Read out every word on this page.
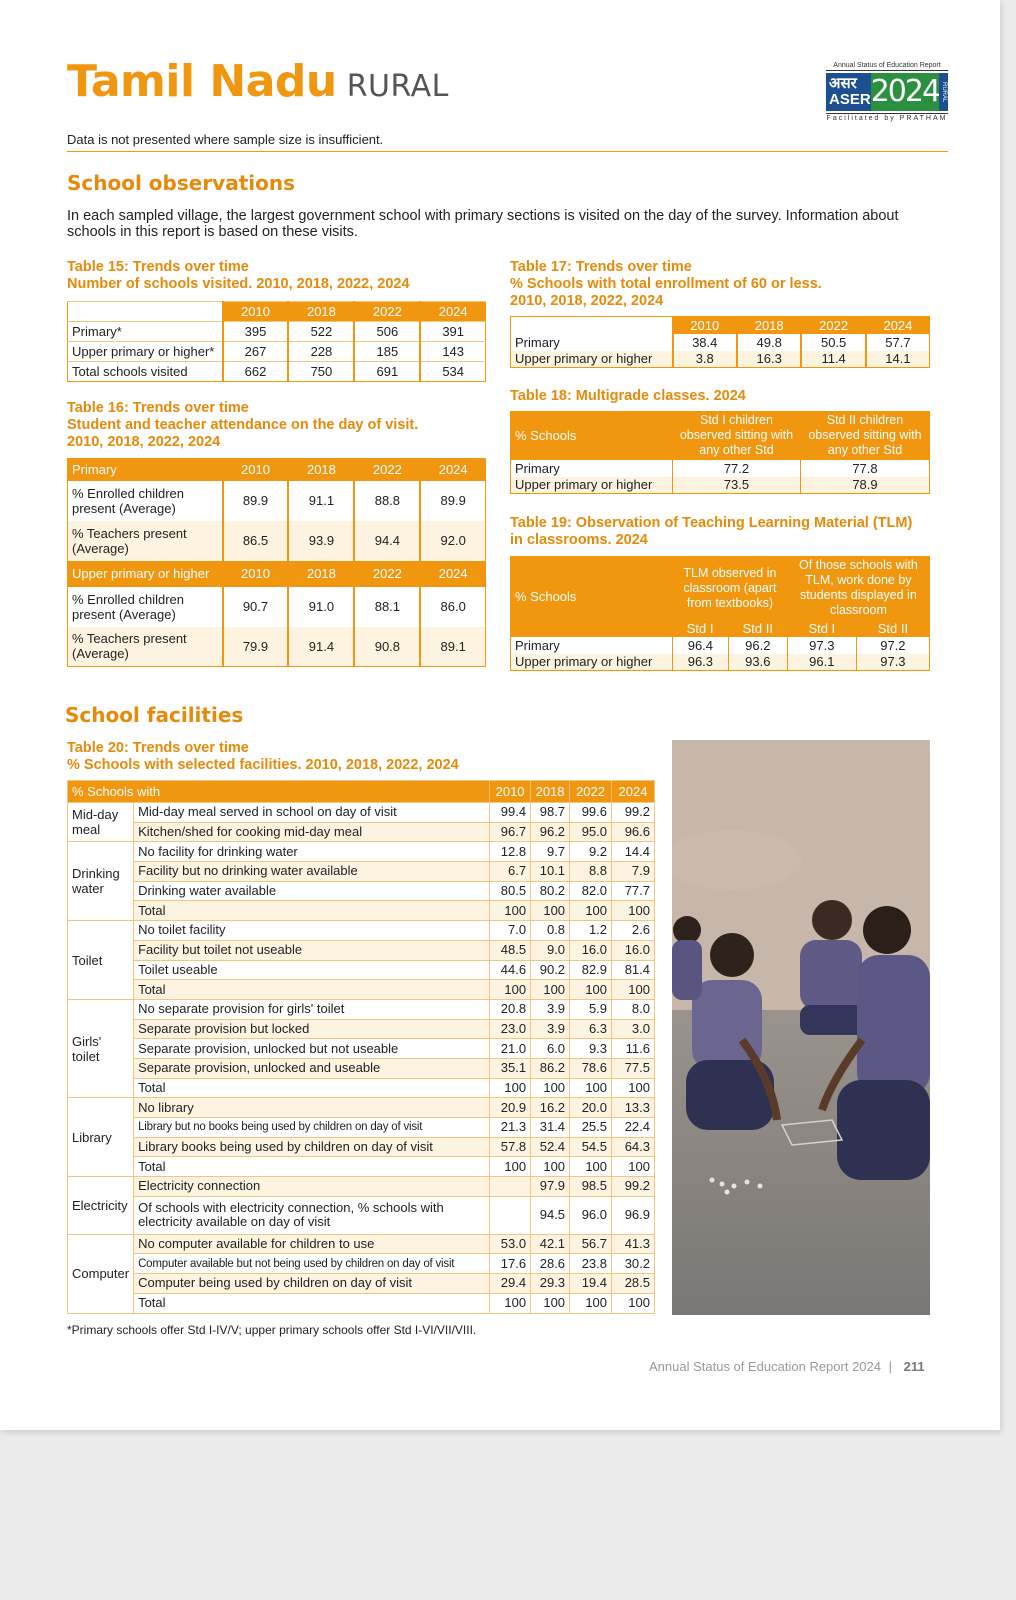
Tamil Nadu RURAL
Annual Status of Education Report
असर
ASER 2024 RURAL
Facilitated by PRATHAM
Data is not presented where sample size is insufficient.
School observations
In each sampled village, the largest government school with primary sections is visited on the day of the survey. Information about schools in this report is based on these visits.
Table 15: Trends over time
Number of schools visited. 2010, 2018, 2022, 2024
	2010	2018	2022	2024
Primary*	395	522	506	391
Upper primary or higher*	267	228	185	143
Total schools visited	662	750	691	534
Table 16: Trends over time
Student and teacher attendance on the day of visit.
2010, 2018, 2022, 2024
Primary	2010	2018	2022	2024
% Enrolled children present (Average)	89.9	91.1	88.8	89.9
% Teachers present (Average)	86.5	93.9	94.4	92.0
Upper primary or higher	2010	2018	2022	2024
% Enrolled children present (Average)	90.7	91.0	88.1	86.0
% Teachers present (Average)	79.9	91.4	90.8	89.1
Table 17: Trends over time
% Schools with total enrollment of 60 or less.
2010, 2018, 2022, 2024
	2010	2018	2022	2024
Primary	38.4	49.8	50.5	57.7
Upper primary or higher	3.8	16.3	11.4	14.1
Table 18: Multigrade classes. 2024
% Schools	Std I children observed sitting with any other Std	Std II children observed sitting with any other Std
Primary	77.2	77.8
Upper primary or higher	73.5	78.9
Table 19: Observation of Teaching Learning Material (TLM)
in classrooms. 2024
% Schools	TLM observed in classroom (apart from textbooks)		Of those schools with TLM, work done by students displayed in classroom	
	Std I	Std II	Std I	Std II
Primary	96.4	96.2	97.3	97.2
Upper primary or higher	96.3	93.6	96.1	97.3
School facilities
Table 20: Trends over time
% Schools with selected facilities. 2010, 2018, 2022, 2024
% Schools with		2010	2018	2022	2024
Mid-day meal	Mid-day meal served in school on day of visit	99.4	98.7	99.6	99.2
	Kitchen/shed for cooking mid-day meal	96.7	96.2	95.0	96.6
Drinking water	No facility for drinking water	12.8	9.7	9.2	14.4
	Facility but no drinking water available	6.7	10.1	8.8	7.9
	Drinking water available	80.5	80.2	82.0	77.7
	Total	100	100	100	100
Toilet	No toilet facility	7.0	0.8	1.2	2.6
	Facility but toilet not useable	48.5	9.0	16.0	16.0
	Toilet useable	44.6	90.2	82.9	81.4
	Total	100	100	100	100
Girls' toilet	No separate provision for girls' toilet	20.8	3.9	5.9	8.0
	Separate provision but locked	23.0	3.9	6.3	3.0
	Separate provision, unlocked but not useable	21.0	6.0	9.3	11.6
	Separate provision, unlocked and useable	35.1	86.2	78.6	77.5
	Total	100	100	100	100
Library	No library	20.9	16.2	20.0	13.3
	Library but no books being used by children on day of visit	21.3	31.4	25.5	22.4
	Library books being used by children on day of visit	57.8	52.4	54.5	64.3
	Total	100	100	100	100
Electricity	Electricity connection		97.9	98.5	99.2
	Of schools with electricity connection, % schools with electricity available on day of visit		94.5	96.0	96.9
Computer	No computer available for children to use	53.0	42.1	56.7	41.3
	Computer available but not being used by children on day of visit	17.6	28.6	23.8	30.2
	Computer being used by children on day of visit	29.4	29.3	19.4	28.5
	Total	100	100	100	100
*Primary schools offer Std I-IV/V; upper primary schools offer Std I-VI/VII/VIII.
Annual Status of Education Report 2024 | 211
